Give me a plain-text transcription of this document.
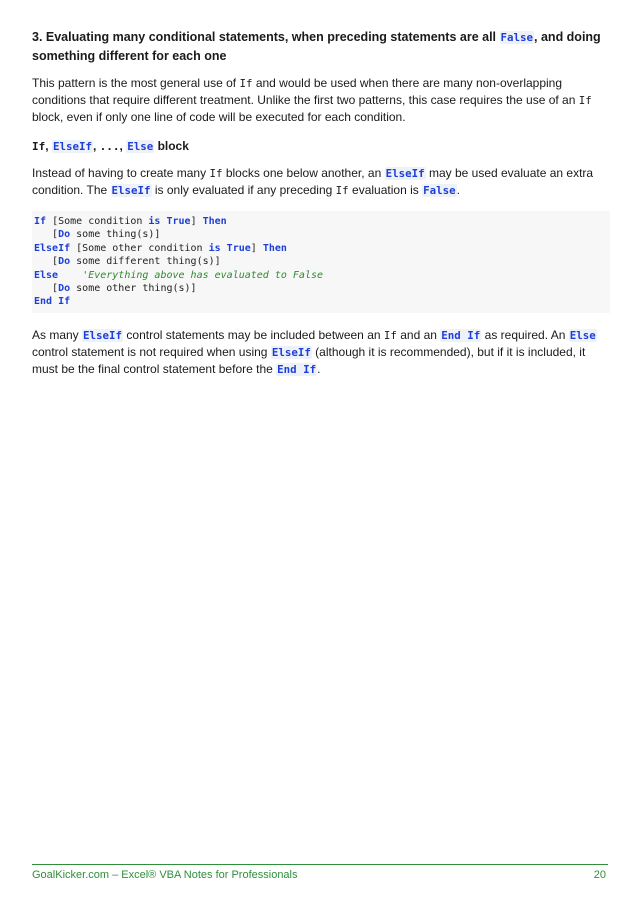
3. Evaluating many conditional statements, when preceding statements are all False, and doing something different for each one

This pattern is the most general use of If and would be used when there are many non-overlapping conditions that require different treatment. Unlike the first two patterns, this case requires the use of an If block, even if only one line of code will be executed for each condition.

If, ElseIf, ..., Else block

Instead of having to create many If blocks one below another, an ElseIf may be used evaluate an extra condition. The ElseIf is only evaluated if any preceding If evaluation is False.

If [Some condition is True] Then
[Do some thing(s)]
ElseIf [Some other condition is True] Then
[Do some different thing(s)]
Else 'Everything above has evaluated to False
[Do some other thing(s)]
End If

As many ElseIf control statements may be included between an If and an End If as required. An Else control statement is not required when using ElseIf (although it is recommended), but if it is included, it must be the final control statement before the End If.

GoalKicker.com – Excel® VBA Notes for Professionals	20
